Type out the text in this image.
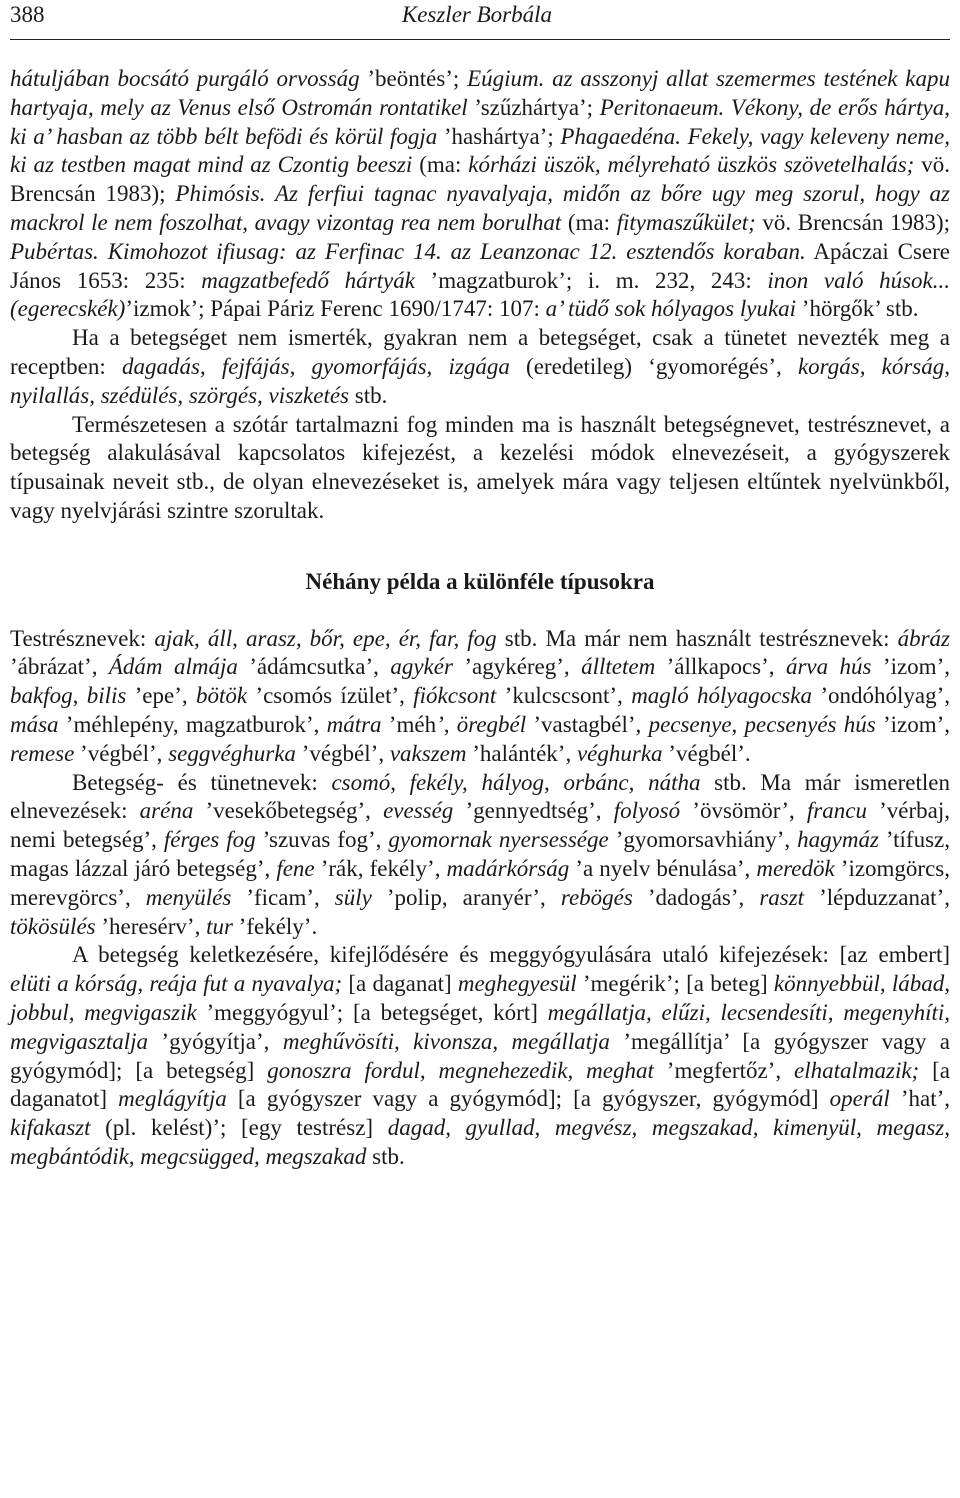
388	Keszler Borbála

hátuljában bocsátó purgáló orvosság ’beöntés’; Eúgium. az asszonyj allat szemermes testének kapu hartyaja, mely az Venus első Ostromán rontatikel ’szűzhártya’; Peritonaeum. Vékony, de erős hártya, ki a’ hasban az több bélt befödi és körül fogja ’hashártya’; Phagaedéna. Fekely, vagy keleveny neme, ki az testben magat mind az Czontig beeszi (ma: kórházi üszök, mélyreható üszkös szövetelhalás; vö. Brencsán 1983); Phimósis. Az ferfiui tagnac nyavalyaja, midőn az bőre ugy meg szorul, hogy az mackrol le nem foszolhat, avagy vizontag rea nem borulhat (ma: fitymaszűkület; vö. Brencsán 1983); Pubértas. Kimohozot ifiusag: az Ferfinac 14. az Leanzonac 12. esztendős koraban. Apáczai Csere János 1653: 235: magzatbefedő hártyák ’magzatburok’; i. m. 232, 243: inon való húsok... (egerecskék)’izmok’; Pápai Páriz Ferenc 1690/1747: 107: a’ tüdő sok hólyagos lyukai ’hörgők’ stb.

Ha a betegséget nem ismerték, gyakran nem a betegséget, csak a tünetet nevezték meg a receptben: dagadás, fejfájás, gyomorfájás, izgága (eredetileg) ‘gyomorégés’, korgás, kórság, nyilallás, szédülés, szörgés, viszketés stb.

Természetesen a szótár tartalmazni fog minden ma is használt betegségnevet, testrésznevet, a betegség alakulásával kapcsolatos kifejezést, a kezelési módok elnevezéseit, a gyógyszerek típusainak neveit stb., de olyan elnevezéseket is, amelyek mára vagy teljesen eltűntek nyelvünkből, vagy nyelvjárási szintre szorultak.

Néhány példa a különféle típusokra

Testrésznevek: ajak, áll, arasz, bőr, epe, ér, far, fog stb. Ma már nem használt testrésznevek: ábráz ’ábrázat’, Ádám almája ’ádámcsutka’, agykér ’agykéreg’, álltetem ’állkapocs’, árva hús ’izom’, bakfog, bilis ’epe’, bötök ’csomós ízület’, fiókcsont ’kulcscsont’, magló hólyagocska ’ondóhólyag’, mása ’méhlepény, magzatburok’, mátra ’méh’, öregbél ’vastagbél’, pecsenye, pecsenyés hús ’izom’, remese ’végbél’, seggvéghurka ’végbél’, vakszem ’halánték’, véghurka ’végbél’.

Betegség- és tünetnevek: csomó, fekély, hályog, orbánc, nátha stb. Ma már ismeretlen elnevezések: aréna ’vesekőbetegség’, evesség ’gennyedtség’, folyosó ’övsömör’, francu ’vérbaj, nemi betegség’, férges fog ’szuvas fog’, gyomornak nyersessége ’gyomorsavhiány’, hagymáz ’tífusz, magas lázzal járó betegség’, fene ’rák, fekély’, madárkórság ’a nyelv bénulása’, meredök ’izomgörcs, merevgörcs’, menyülés ’ficam’, süly ’polip, aranyér’, rebögés ’dadogás’, raszt ’lépduzzanat’, tökösülés ’heresérv’, tur ’fekély’.

A betegség keletkezésére, kifejlődésére és meggyógyulására utaló kifejezések: [az embert] elüti a kórság, reája fut a nyavalya; [a daganat] meghegyesül ’megérik’; [a beteg] könnyebbül, lábad, jobbul, megvigaszik ’meggyógyul’; [a betegséget, kórt] megállatja, elűzi, lecsendesíti, megenyhíti, megvigasztalja ’gyógyítja’, meghűvösíti, kivonsza, megállatja ’megállítja’ [a gyógyszer vagy a gyógymód]; [a betegség] gonoszra fordul, megnehezedik, meghat ’megfertőz’, elhatalmazik; [a daganatot] meglágyítja [a gyógyszer vagy a gyógymód]; [a gyógyszer, gyógymód] operál ’hat’, kifakaszt (pl. kelést)’; [egy testrész] dagad, gyullad, megvész, megszakad, kimenyül, megasz, megbántódik, megcsügged, megszakad stb.
